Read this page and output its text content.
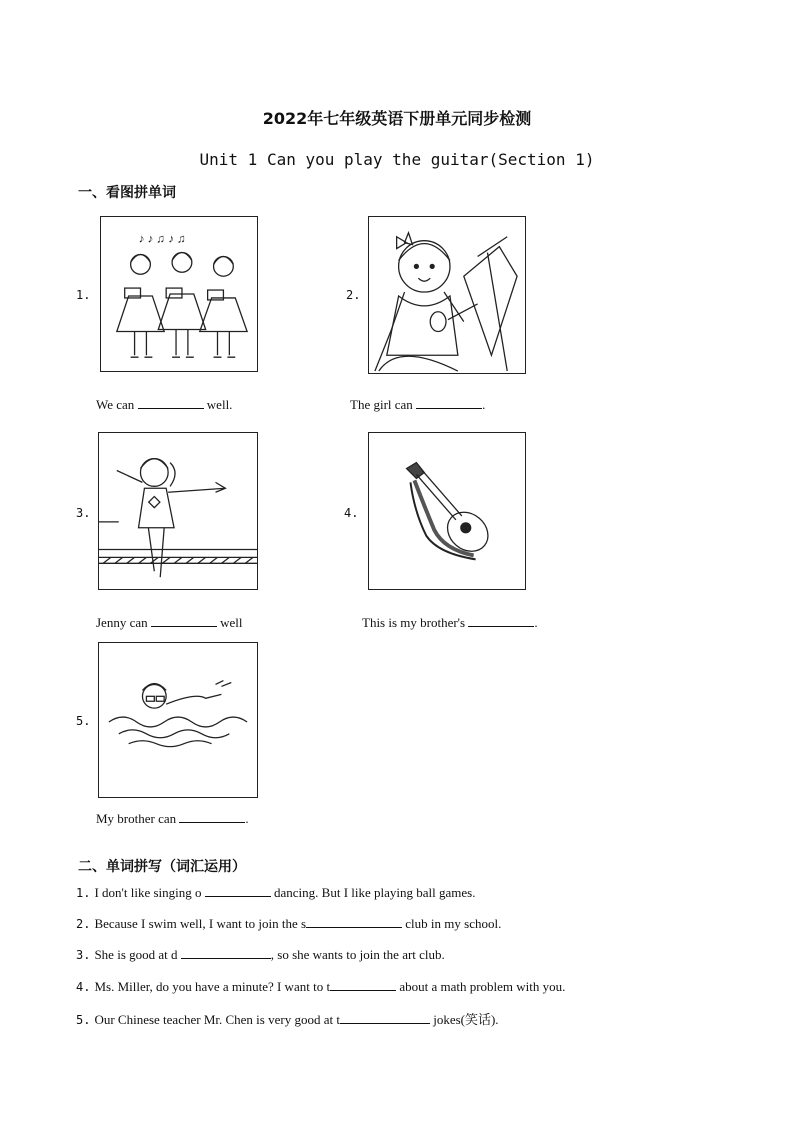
2022年七年级英语下册单元同步检测
Unit 1 Can you play the guitar(Section 1)
一、看图拼单词
1.
♪ ♪ ♫ ♪ ♫
We can	well.
2.
The girl can	.
3.
Jenny can	well
4.
This is my brother's	.
5.
My brother can	.
二、单词拼写（词汇运用）
1. I don't like singing o	dancing. But I like playing ball games.
2. Because I swim well, I want to join the s	club in my school.
3. She is good at d	, so she wants to join the art club.
4. Ms. Miller, do you have a minute? I want to t	about a math problem with you.
5. Our Chinese teacher Mr. Chen is very good at t	jokes(笑话).
